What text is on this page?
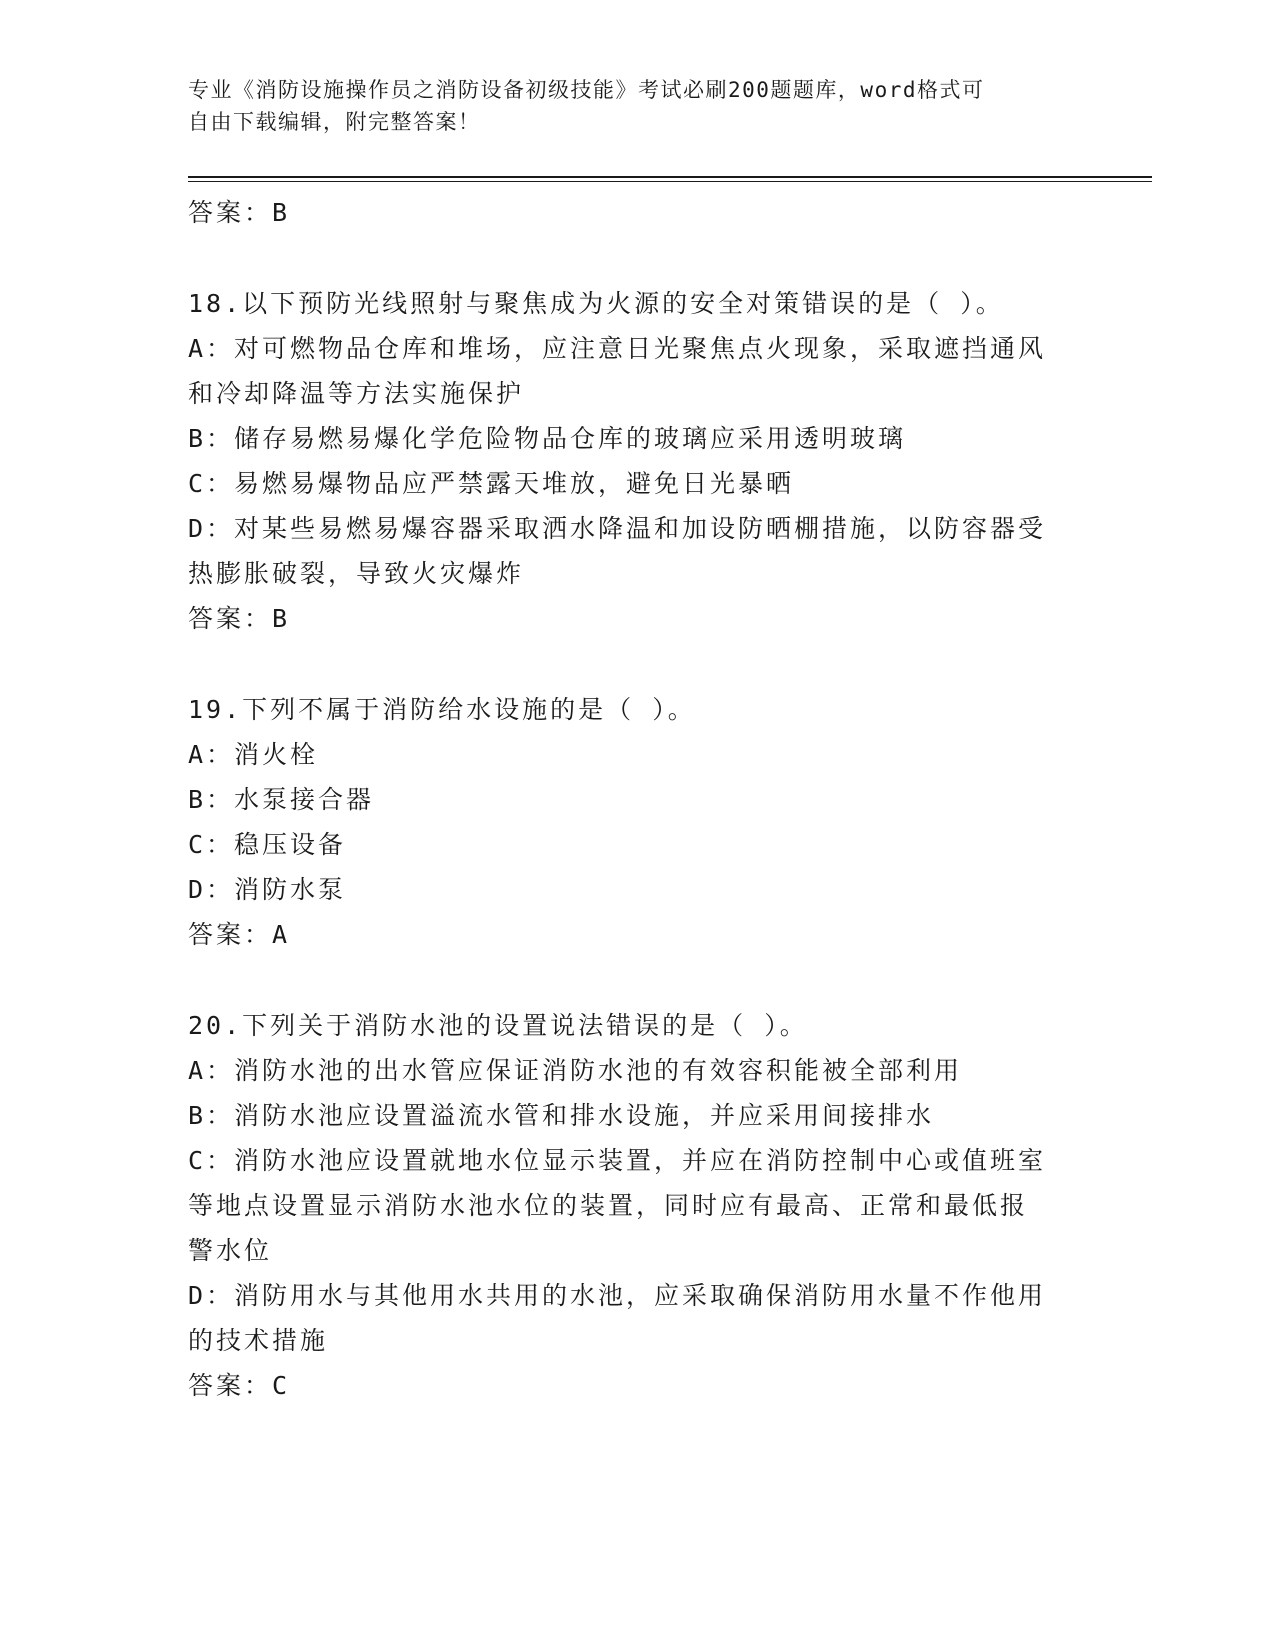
专业《消防设施操作员之消防设备初级技能》考试必刷200题题库，word格式可

自由下载编辑，附完整答案！

答案：B

18.以下预防光线照射与聚焦成为火源的安全对策错误的是（ ）。

A：对可燃物品仓库和堆场，应注意日光聚焦点火现象，采取遮挡通风

和冷却降温等方法实施保护

B：储存易燃易爆化学危险物品仓库的玻璃应采用透明玻璃

C：易燃易爆物品应严禁露天堆放，避免日光暴晒

D：对某些易燃易爆容器采取洒水降温和加设防晒棚措施，以防容器受

热膨胀破裂，导致火灾爆炸

答案：B

19.下列不属于消防给水设施的是（ ）。

A：消火栓

B：水泵接合器

C：稳压设备

D：消防水泵

答案：A

20.下列关于消防水池的设置说法错误的是（ ）。

A：消防水池的出水管应保证消防水池的有效容积能被全部利用

B：消防水池应设置溢流水管和排水设施，并应采用间接排水

C：消防水池应设置就地水位显示装置，并应在消防控制中心或值班室

等地点设置显示消防水池水位的装置，同时应有最高、正常和最低报

警水位

D：消防用水与其他用水共用的水池，应采取确保消防用水量不作他用

的技术措施

答案：C
